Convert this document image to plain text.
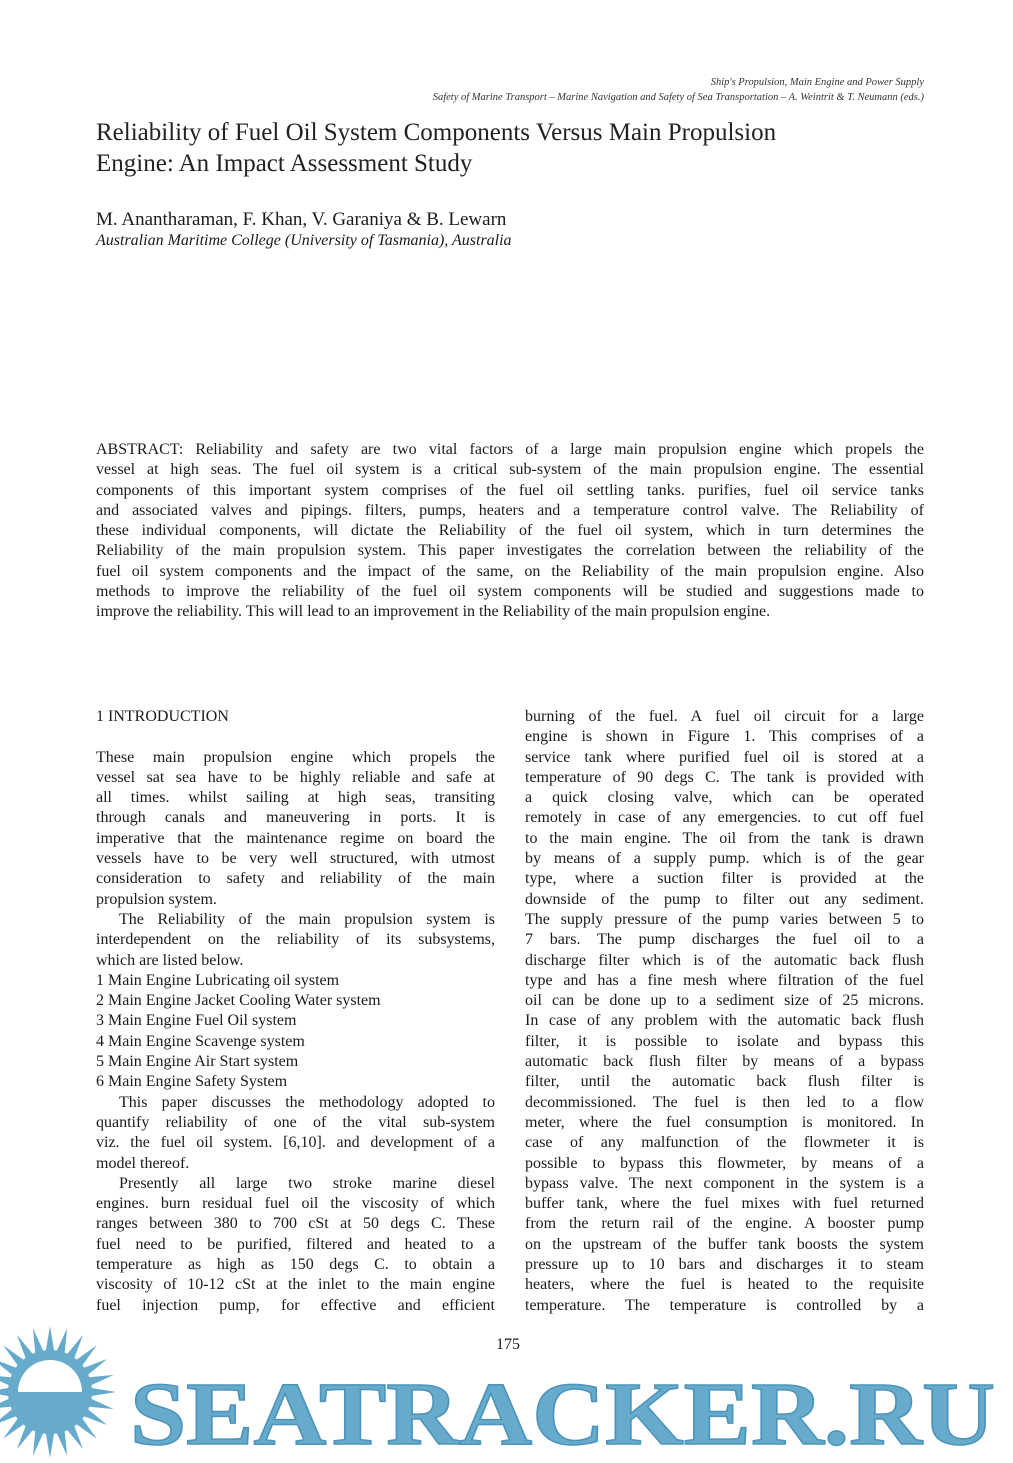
Ship's Propulsion, Main Engine and Power Supply
Safety of Marine Transport – Marine Navigation and Safety of Sea Transportation – A. Weintrit & T. Neumann (eds.)
Reliability of Fuel Oil System Components Versus Main Propulsion
Engine: An Impact Assessment Study
M. Anantharaman, F. Khan, V. Garaniya & B. Lewarn
Australian Maritime College (University of Tasmania), Australia
ABSTRACT: Reliability and safety are two vital factors of a large main propulsion engine which propels the
vessel at high seas. The fuel oil system is a critical sub-system of the main propulsion engine. The essential
components of this important system comprises of the fuel oil settling tanks. purifies, fuel oil service tanks
and associated valves and pipings. filters, pumps, heaters and a temperature control valve. The Reliability of
these individual components, will dictate the Reliability of the fuel oil system, which in turn determines the
Reliability of the main propulsion system. This paper investigates the correlation between the reliability of the
fuel oil system components and the impact of the same, on the Reliability of the main propulsion engine. Also
methods to improve the reliability of the fuel oil system components will be studied and suggestions made to
improve the reliability. This will lead to an improvement in the Reliability of the main propulsion engine.
1 INTRODUCTION
These main propulsion engine which propels the
vessel sat sea have to be highly reliable and safe at
all times. whilst sailing at high seas, transiting
through canals and maneuvering in ports. It is
imperative that the maintenance regime on board the
vessels have to be very well structured, with utmost
consideration to safety and reliability of the main
propulsion system.
The Reliability of the main propulsion system is
interdependent on the reliability of its subsystems,
which are listed below.
1 Main Engine Lubricating oil system
2 Main Engine Jacket Cooling Water system
3 Main Engine Fuel Oil system
4 Main Engine Scavenge system
5 Main Engine Air Start system
6 Main Engine Safety System
This paper discusses the methodology adopted to
quantify reliability of one of the vital sub-system
viz. the fuel oil system. [6,10]. and development of a
model thereof.
Presently all large two stroke marine diesel
engines. burn residual fuel oil the viscosity of which
ranges between 380 to 700 cSt at 50 degs C. These
fuel need to be purified, filtered and heated to a
temperature as high as 150 degs C. to obtain a
viscosity of 10-12 cSt at the inlet to the main engine
fuel injection pump, for effective and efficient
burning of the fuel. A fuel oil circuit for a large
engine is shown in Figure 1. This comprises of a
service tank where purified fuel oil is stored at a
temperature of 90 degs C. The tank is provided with
a quick closing valve, which can be operated
remotely in case of any emergencies. to cut off fuel
to the main engine. The oil from the tank is drawn
by means of a supply pump. which is of the gear
type, where a suction filter is provided at the
downside of the pump to filter out any sediment.
The supply pressure of the pump varies between 5 to
7 bars. The pump discharges the fuel oil to a
discharge filter which is of the automatic back flush
type and has a fine mesh where filtration of the fuel
oil can be done up to a sediment size of 25 microns.
In case of any problem with the automatic back flush
filter, it is possible to isolate and bypass this
automatic back flush filter by means of a bypass
filter, until the automatic back flush filter is
decommissioned. The fuel is then led to a flow
meter, where the fuel consumption is monitored. In
case of any malfunction of the flowmeter it is
possible to bypass this flowmeter, by means of a
bypass valve. The next component in the system is a
buffer tank, where the fuel mixes with fuel returned
from the return rail of the engine. A booster pump
on the upstream of the buffer tank boosts the system
pressure up to 10 bars and discharges it to steam
heaters, where the fuel is heated to the requisite
temperature. The temperature is controlled by a
SEATRACKER.RU
175
